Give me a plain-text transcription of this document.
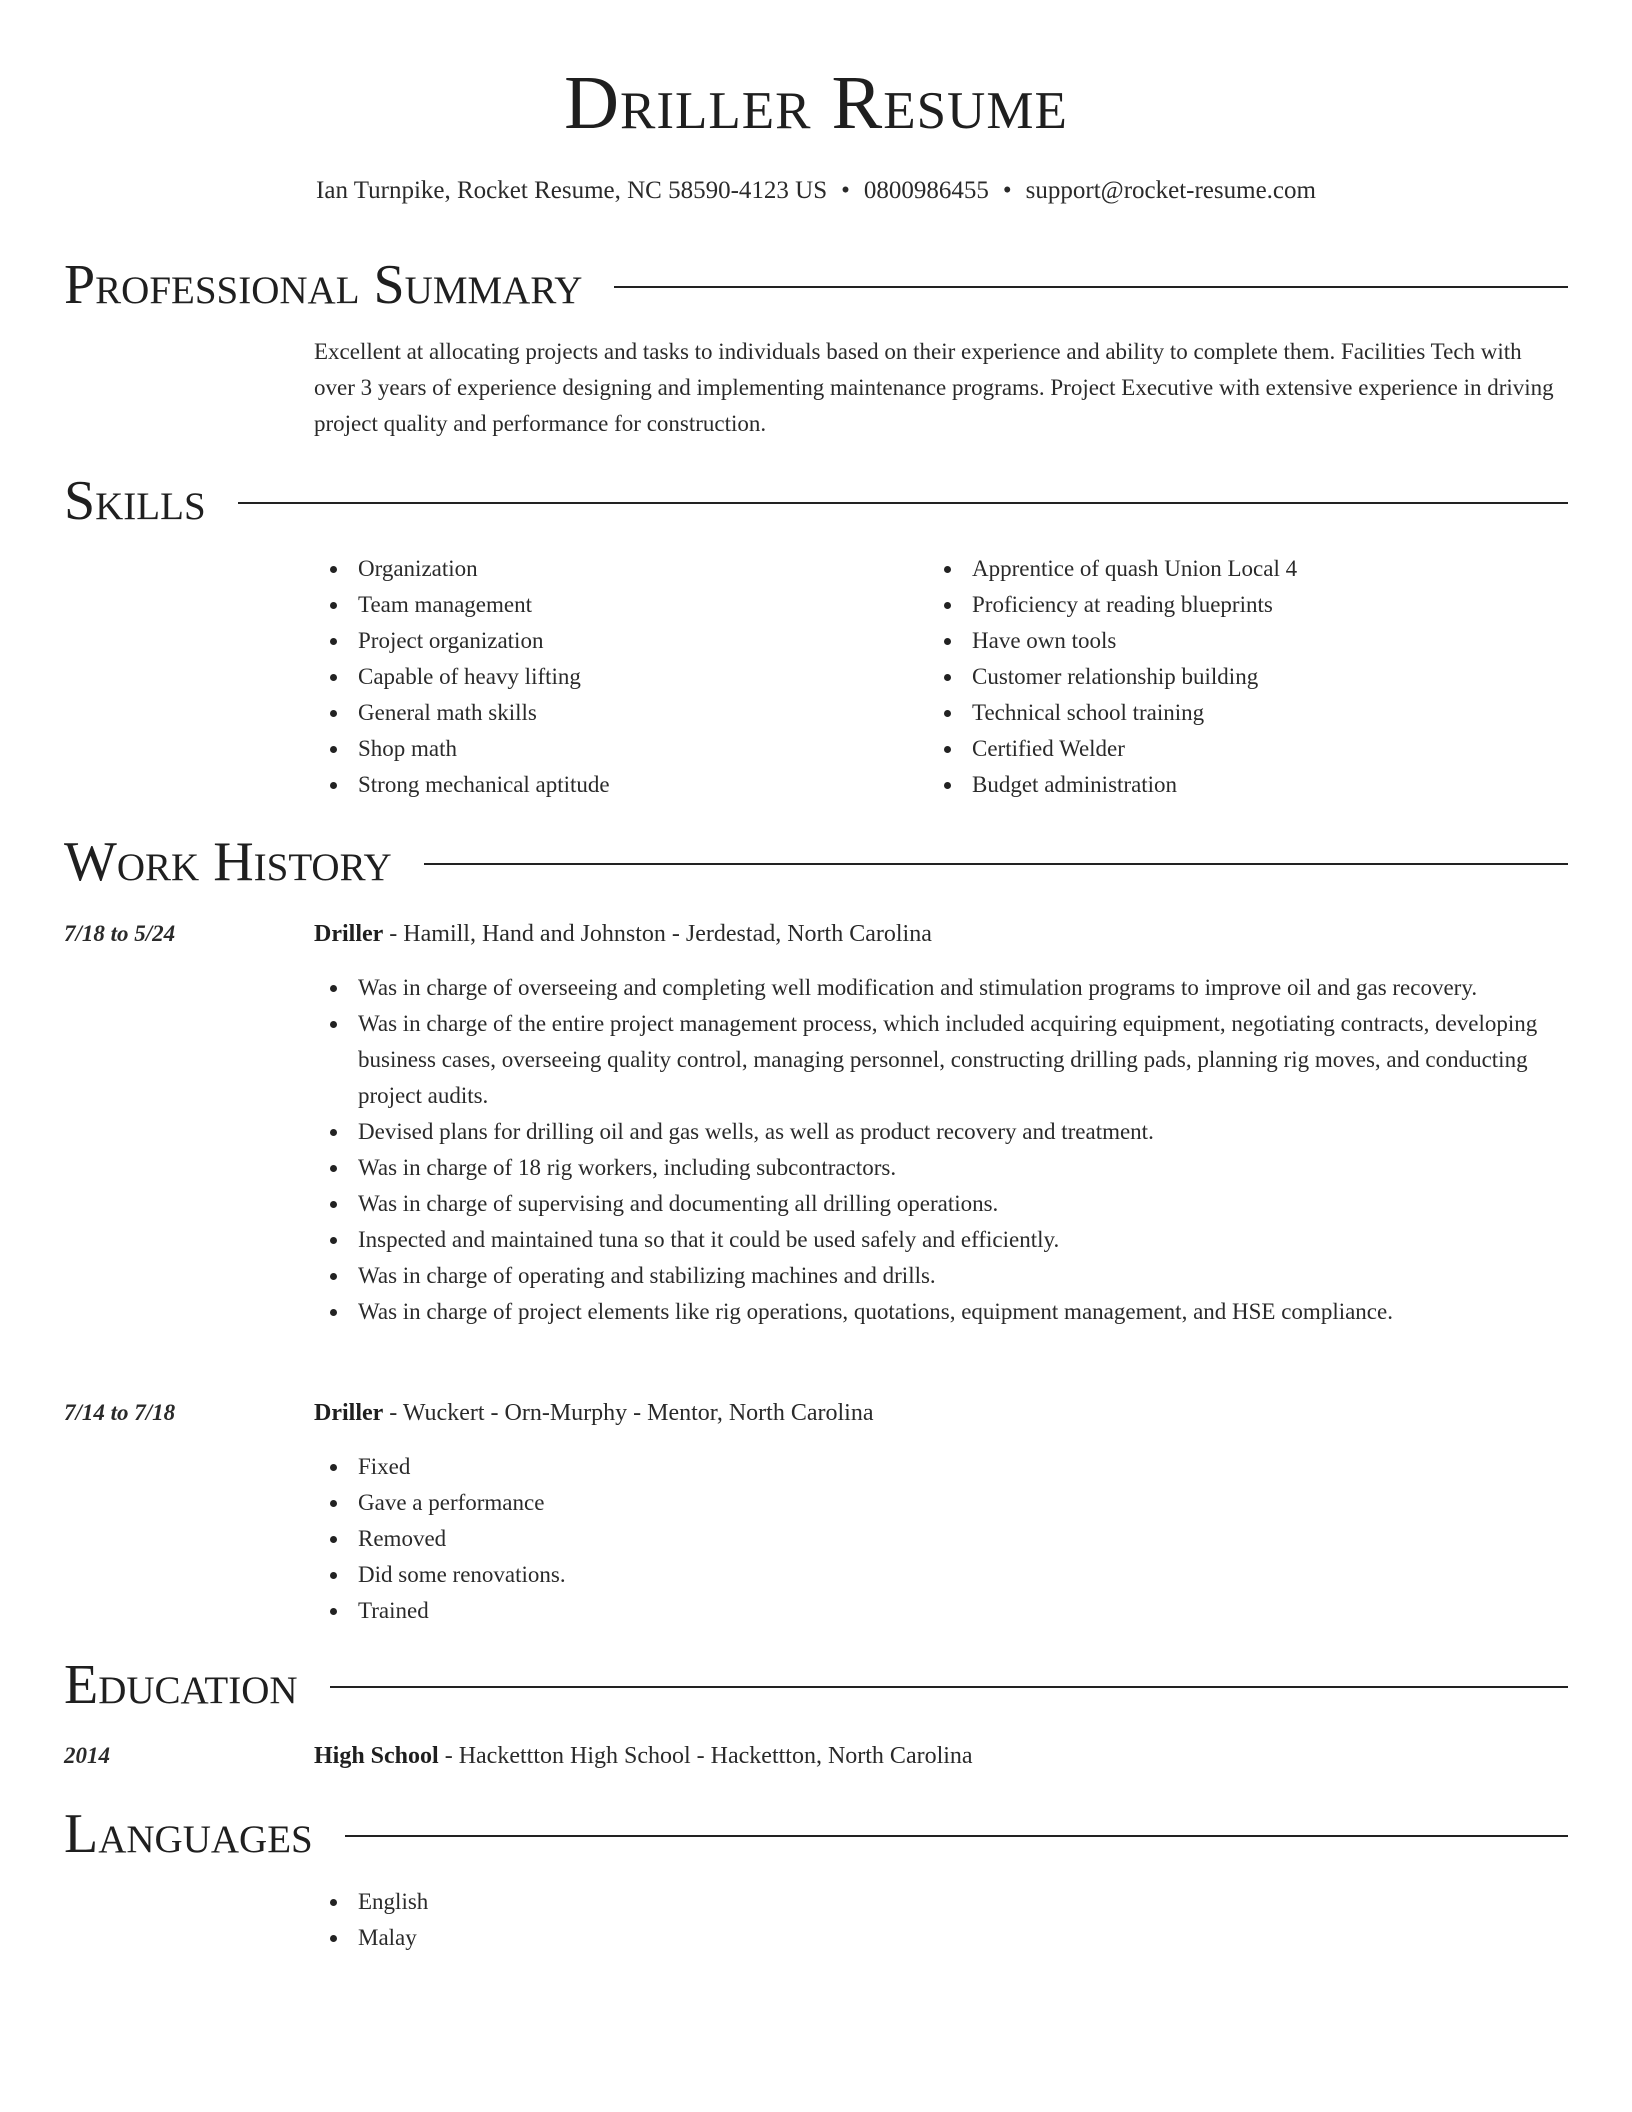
Driller Resume
Ian Turnpike, Rocket Resume, NC 58590-4123 US • 0800986455 • support@rocket-resume.com
Professional Summary
Excellent at allocating projects and tasks to individuals based on their experience and ability to complete them. Facilities Tech with over 3 years of experience designing and implementing maintenance programs. Project Executive with extensive experience in driving project quality and performance for construction.
Skills
Organization
Team management
Project organization
Capable of heavy lifting
General math skills
Shop math
Strong mechanical aptitude
Apprentice of quash Union Local 4
Proficiency at reading blueprints
Have own tools
Customer relationship building
Technical school training
Certified Welder
Budget administration
Work History
7/18 to 5/24	Driller - Hamill, Hand and Johnston - Jerdestad, North Carolina
Was in charge of overseeing and completing well modification and stimulation programs to improve oil and gas recovery.
Was in charge of the entire project management process, which included acquiring equipment, negotiating contracts, developing business cases, overseeing quality control, managing personnel, constructing drilling pads, planning rig moves, and conducting project audits.
Devised plans for drilling oil and gas wells, as well as product recovery and treatment.
Was in charge of 18 rig workers, including subcontractors.
Was in charge of supervising and documenting all drilling operations.
Inspected and maintained tuna so that it could be used safely and efficiently.
Was in charge of operating and stabilizing machines and drills.
Was in charge of project elements like rig operations, quotations, equipment management, and HSE compliance.
7/14 to 7/18	Driller - Wuckert - Orn-Murphy - Mentor, North Carolina
Fixed
Gave a performance
Removed
Did some renovations.
Trained
Education
2014	High School - Hackettton High School - Hackettton, North Carolina
Languages
English
Malay
